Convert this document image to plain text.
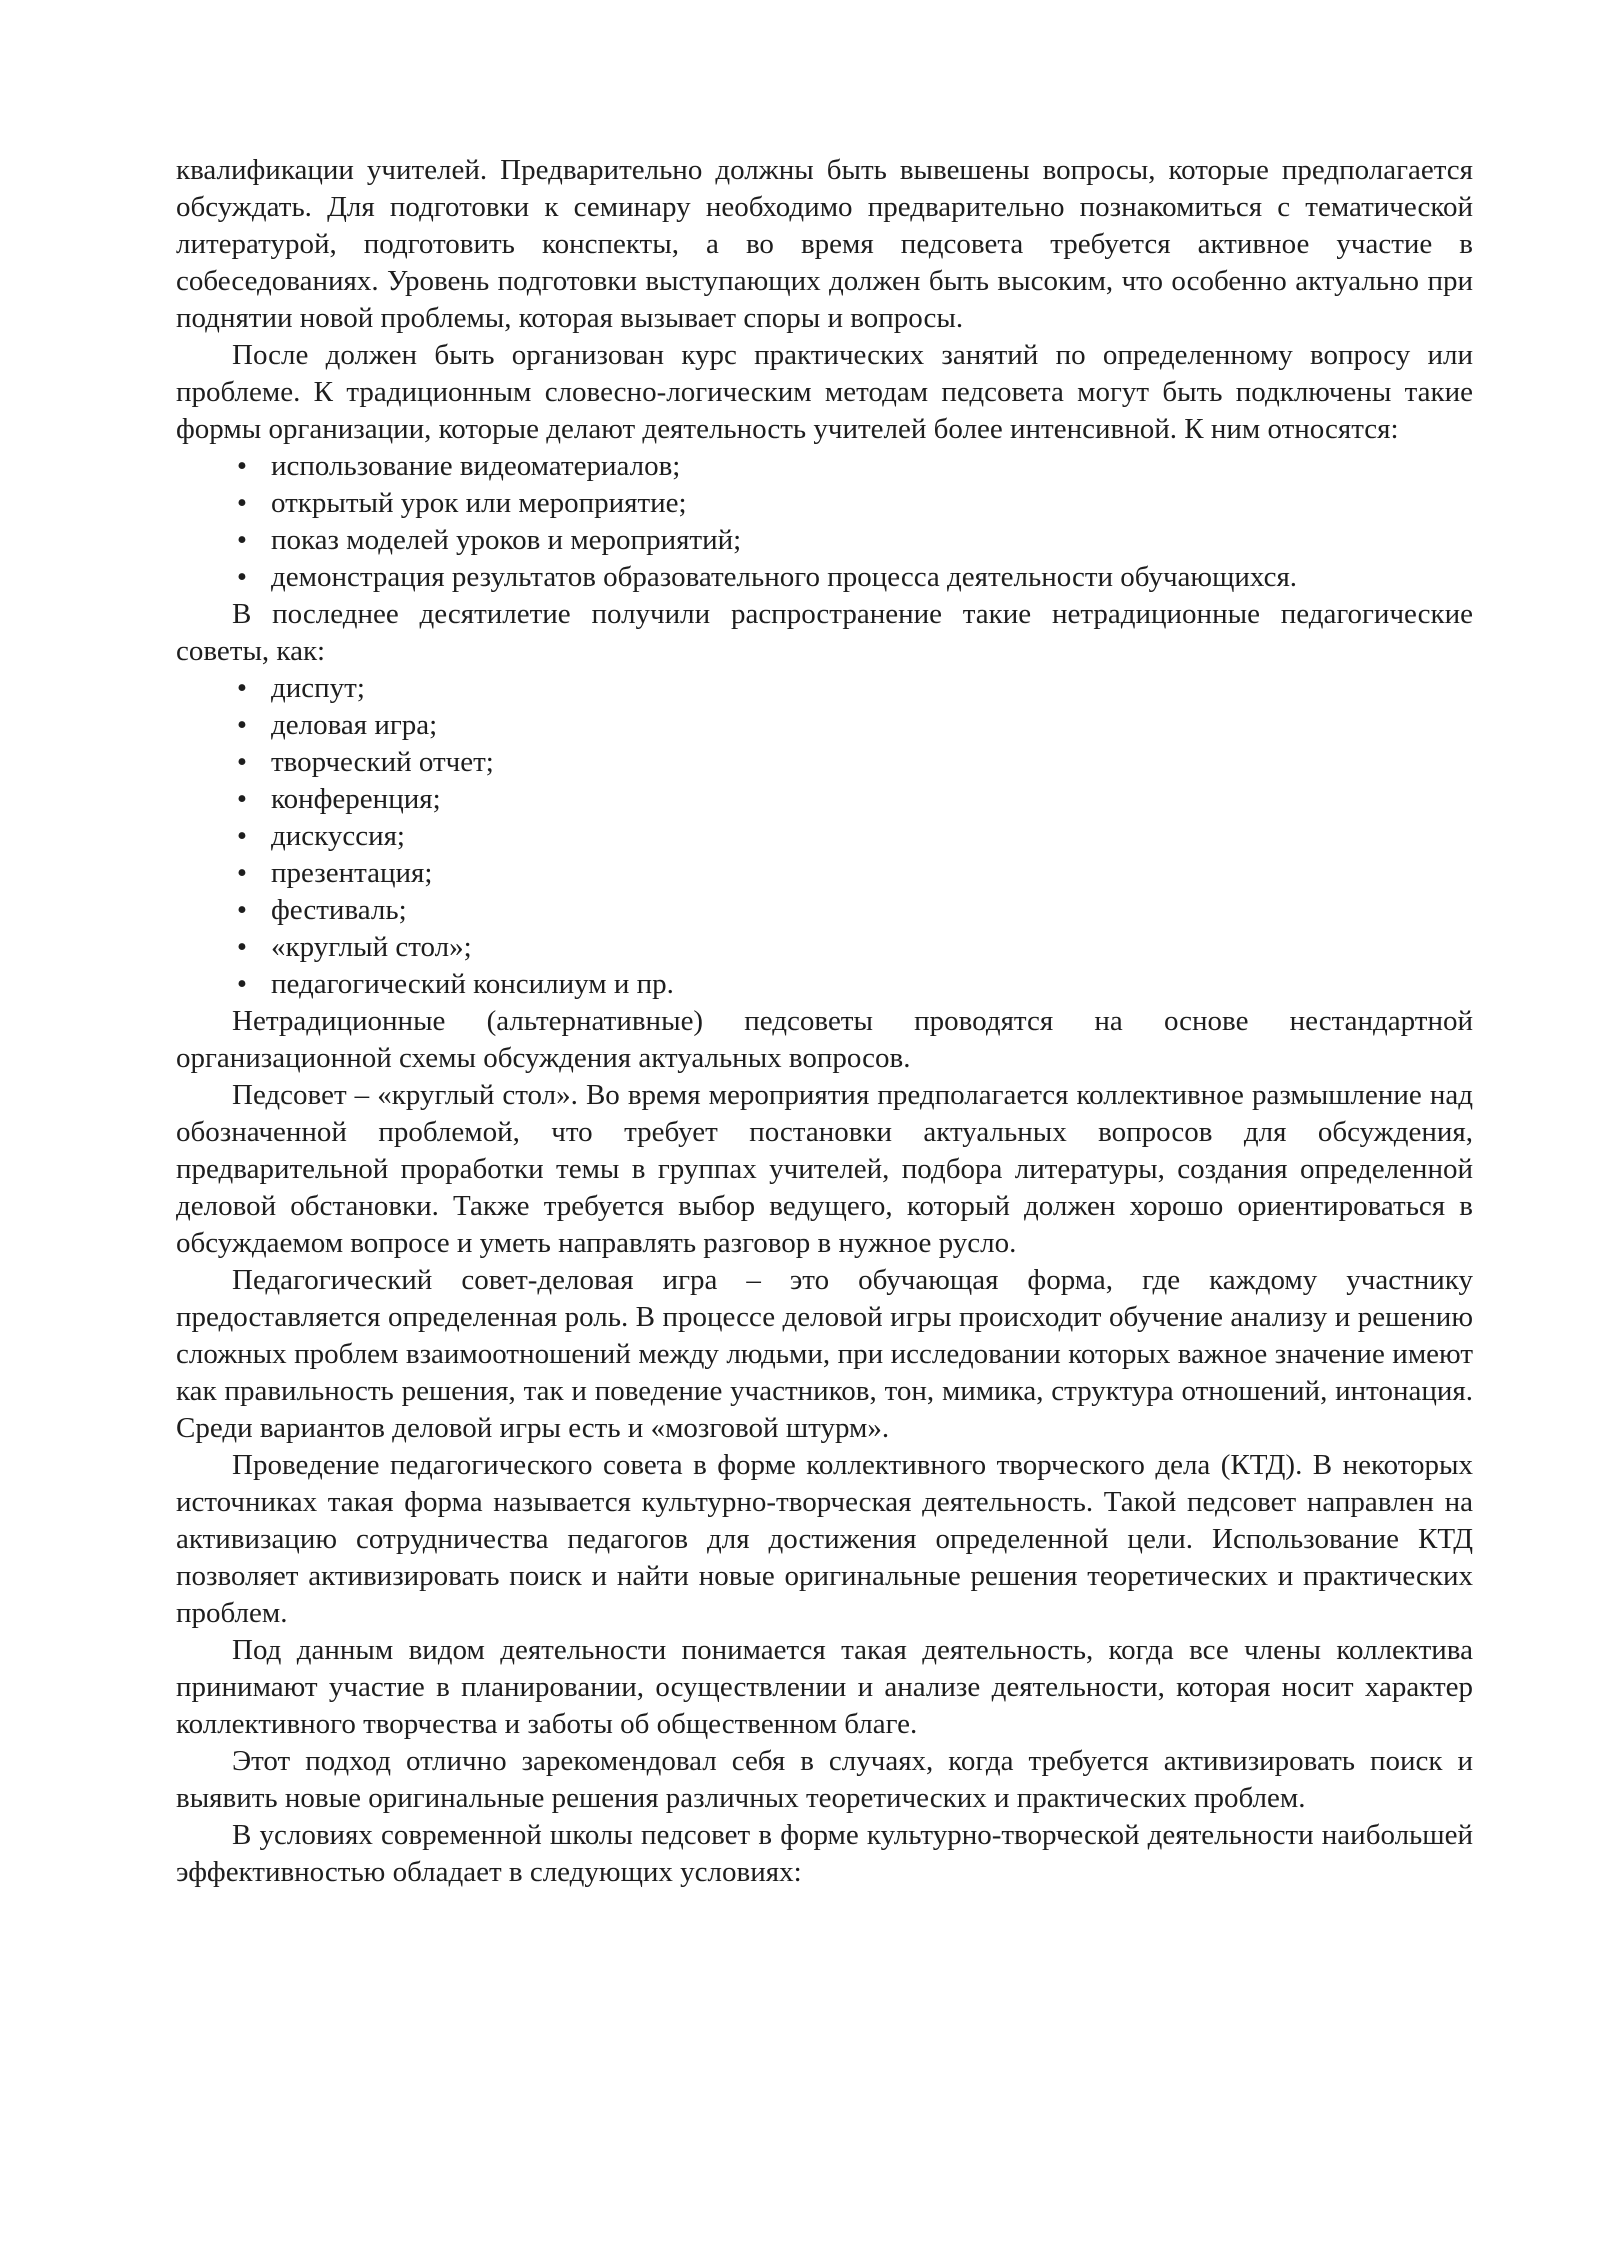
квалификации учителей. Предварительно должны быть вывешены вопросы, которые предполагается обсуждать. Для подготовки к семинару необходимо предварительно познакомиться с тематической литературой, подготовить конспекты, а во время педсовета требуется активное участие в собеседованиях. Уровень подготовки выступающих должен быть высоким, что особенно актуально при поднятии новой проблемы, которая вызывает споры и вопросы.

После должен быть организован курс практических занятий по определенному вопросу или проблеме. К традиционным словесно-логическим методам педсовета могут быть подключены такие формы организации, которые делают деятельность учителей более интенсивной. К ним относятся:

• использование видеоматериалов;
• открытый урок или мероприятие;
• показ моделей уроков и мероприятий;
• демонстрация результатов образовательного процесса деятельности обучающихся.

В последнее десятилетие получили распространение такие нетрадиционные педагогические советы, как:

• диспут;
• деловая игра;
• творческий отчет;
• конференция;
• дискуссия;
• презентация;
• фестиваль;
• «круглый стол»;
• педагогический консилиум и пр.

Нетрадиционные (альтернативные) педсоветы проводятся на основе нестандартной организационной схемы обсуждения актуальных вопросов.

Педсовет – «круглый стол». Во время мероприятия предполагается коллективное размышление над обозначенной проблемой, что требует постановки актуальных вопросов для обсуждения, предварительной проработки темы в группах учителей, подбора литературы, создания определенной деловой обстановки. Также требуется выбор ведущего, который должен хорошо ориентироваться в обсуждаемом вопросе и уметь направлять разговор в нужное русло.

Педагогический совет-деловая игра – это обучающая форма, где каждому участнику предоставляется определенная роль. В процессе деловой игры происходит обучение анализу и решению сложных проблем взаимоотношений между людьми, при исследовании которых важное значение имеют как правильность решения, так и поведение участников, тон, мимика, структура отношений, интонация. Среди вариантов деловой игры есть и «мозговой штурм».

Проведение педагогического совета в форме коллективного творческого дела (КТД). В некоторых источниках такая форма называется культурно-творческая деятельность. Такой педсовет направлен на активизацию сотрудничества педагогов для достижения определенной цели. Использование КТД позволяет активизировать поиск и найти новые оригинальные решения теоретических и практических проблем.

Под данным видом деятельности понимается такая деятельность, когда все члены коллектива принимают участие в планировании, осуществлении и анализе деятельности, которая носит характер коллективного творчества и заботы об общественном благе.

Этот подход отлично зарекомендовал себя в случаях, когда требуется активизировать поиск и выявить новые оригинальные решения различных теоретических и практических проблем.

В условиях современной школы педсовет в форме культурно-творческой деятельности наибольшей эффективностью обладает в следующих условиях:
